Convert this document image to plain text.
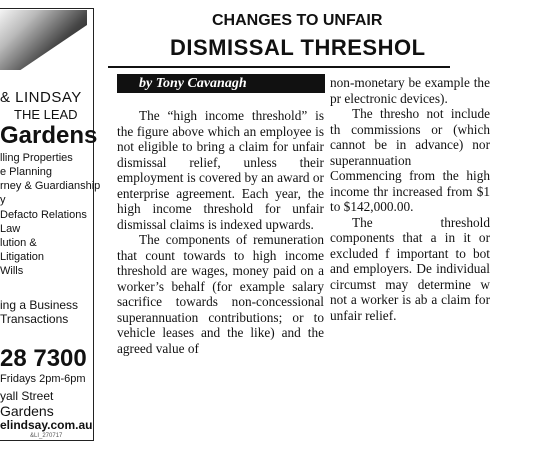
& LINDSAY
THE LEAD
Gardens
lling Properties
e Planning
rney & Guardianship
y
Defacto Relations
Law
lution &
Litigation
Wills
ing a Business
Transactions
28 7300
Fridays 2pm-6pm
yall Street
Gardens
elindsay.com.au
&LI_270717
CHANGES TO UNFAIR
DISMISSAL THRESHOL
by Tony Cavanagh

The “high income threshold” is the figure above which an employee is not eligible to bring a claim for unfair dismissal relief, unless their employment is covered by an award or enterprise agreement. Each year, the high income threshold for unfair dismissal claims is indexed upwards.

The components of remuneration that count towards to high income threshold are wages, money paid on a worker’s behalf (for example salary sacrifice towards non-concessional superannuation contributions; or to vehicle leases and the like) and the agreed value of

non-monetary be example the pr electronic devices).

The thresho not include th commissions or (which cannot be in advance) nor superannuation

Commencing from the high income thr increased from $1 to $142,000.00.

The threshold components that a in it or excluded f important to bot and employers. De individual circumst may determine w not a worker is ab a claim for unfair relief.
